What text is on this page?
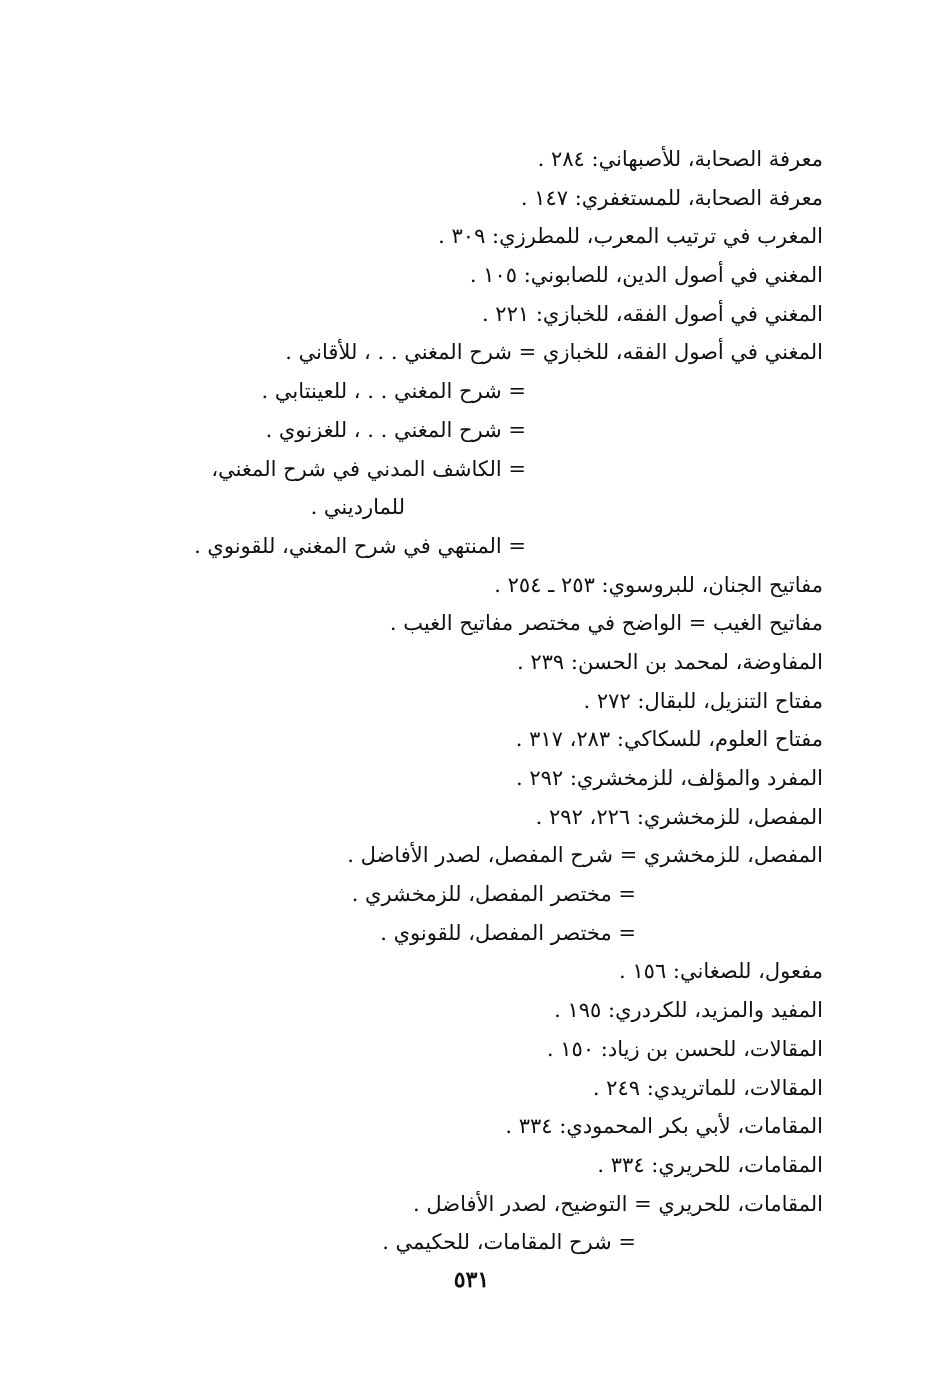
معرفة الصحابة، للأصبهاني: ٢٨٤ .
معرفة الصحابة، للمستغفري: ١٤٧ .
المغرب في ترتيب المعرب، للمطرزي: ٣٠٩ .
المغني في أصول الدين، للصابوني: ١٠٥ .
المغني في أصول الفقه، للخبازي: ٢٢١ .
المغني في أصول الفقه، للخبازي = شرح المغني . . ، للأقاني .
= شرح المغني . . ، للعينتابي .
= شرح المغني . . ، للغزنوي .
= الكاشف المدني في شرح المغني،
للمارديني .
= المنتهي في شرح المغني، للقونوي .
مفاتيح الجنان، للبروسوي: ٢٥٣ ـ ٢٥٤ .
مفاتيح الغيب = الواضح في مختصر مفاتيح الغيب .
المفاوضة، لمحمد بن الحسن: ٢٣٩ .
مفتاح التنزيل، للبقال: ٢٧٢ .
مفتاح العلوم، للسكاكي: ٢٨٣، ٣١٧ .
المفرد والمؤلف، للزمخشري: ٢٩٢ .
المفصل، للزمخشري: ٢٢٦، ٢٩٢ .
المفصل، للزمخشري = شرح المفصل، لصدر الأفاضل .
= مختصر المفصل، للزمخشري .
= مختصر المفصل، للقونوي .
مفعول، للصغاني: ١٥٦ .
المفيد والمزيد، للكردري: ١٩٥ .
المقالات، للحسن بن زياد: ١٥٠ .
المقالات، للماتريدي: ٢٤٩ .
المقامات، لأبي بكر المحمودي: ٣٣٤ .
المقامات، للحريري: ٣٣٤ .
المقامات، للحريري = التوضيح، لصدر الأفاضل .
= شرح المقامات، للحكيمي .
٥٣١
